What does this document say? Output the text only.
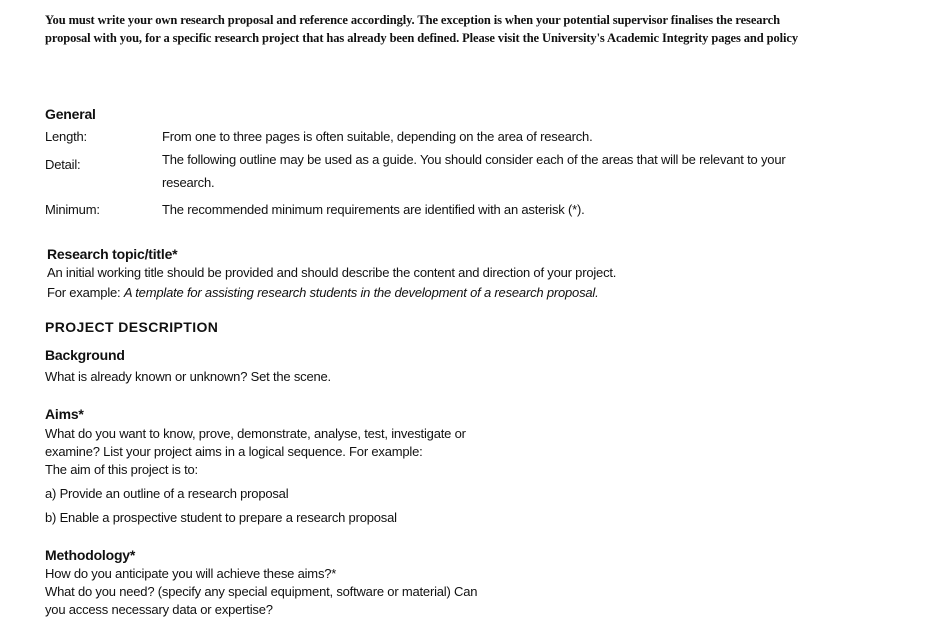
You must write your own research proposal and reference accordingly. The exception is when your potential supervisor finalises the research
proposal with you, for a specific research project that has already been defined. Please visit the University's Academic Integrity pages and policy
General
Length:	From one to three pages is often suitable, depending on the area of research.
Detail:	The following outline may be used as a guide. You should consider each of the areas that will be relevant to your
research.
Minimum:	The recommended minimum requirements are identified with an asterisk (*).
Research topic/title*
An initial working title should be provided and should describe the content and direction of your project.
For example: A template for assisting research students in the development of a research proposal.
PROJECT DESCRIPTION
Background
What is already known or unknown? Set the scene.
Aims*
What do you want to know, prove, demonstrate, analyse, test, investigate or
examine? List your project aims in a logical sequence. For example:
The aim of this project is to:
a) Provide an outline of a research proposal
b) Enable a prospective student to prepare a research proposal
Methodology*
How do you anticipate you will achieve these aims?*
What do you need? (specify any special equipment, software or material) Can
you access necessary data or expertise?
